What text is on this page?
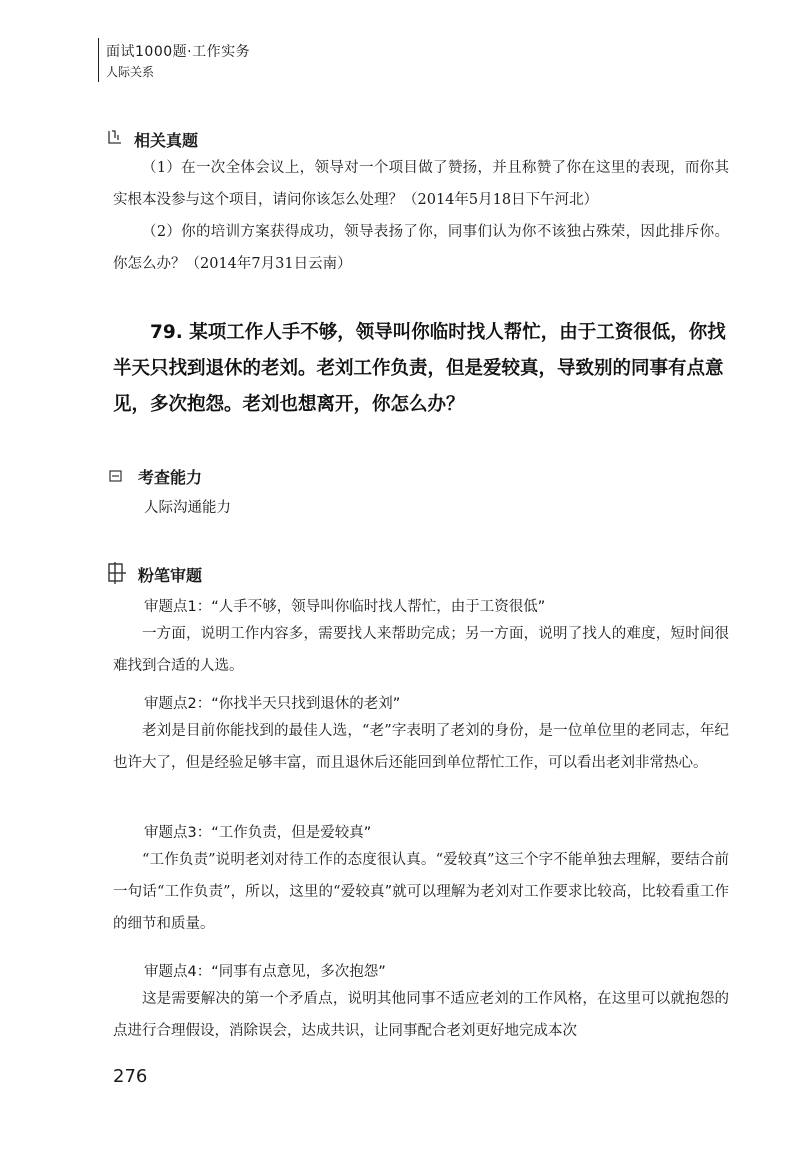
面试1000题·工作实务
人际关系
相关真题
（1）在一次全体会议上，领导对一个项目做了赞扬，并且称赞了你在这里的表现，而你其实根本没参与这个项目，请问你该怎么处理？（2014年5月18日下午河北）
（2）你的培训方案获得成功，领导表扬了你，同事们认为你不该独占殊荣，因此排斥你。你怎么办？（2014年7月31日云南）
79. 某项工作人手不够，领导叫你临时找人帮忙，由于工资很低，你找半天只找到退休的老刘。老刘工作负责，但是爱较真，导致别的同事有点意见，多次抱怨。老刘也想离开，你怎么办？
考查能力
人际沟通能力
粉笔审题
审题点1：“人手不够，领导叫你临时找人帮忙，由于工资很低”
一方面，说明工作内容多，需要找人来帮助完成；另一方面，说明了找人的难度，短时间很难找到合适的人选。
审题点2：“你找半天只找到退休的老刘”
老刘是目前你能找到的最佳人选，“老”字表明了老刘的身份，是一位单位里的老同志，年纪也许大了，但是经验足够丰富，而且退休后还能回到单位帮忙工作，可以看出老刘非常热心。
审题点3：“工作负责，但是爱较真”
“工作负责”说明老刘对待工作的态度很认真。“爱较真”这三个字不能单独去理解，要结合前一句话“工作负责”，所以，这里的“爱较真”就可以理解为老刘对工作要求比较高，比较看重工作的细节和质量。
审题点4：“同事有点意见，多次抱怨”
这是需要解决的第一个矛盾点，说明其他同事不适应老刘的工作风格，在这里可以就抱怨的点进行合理假设，消除误会，达成共识，让同事配合老刘更好地完成本次
276
